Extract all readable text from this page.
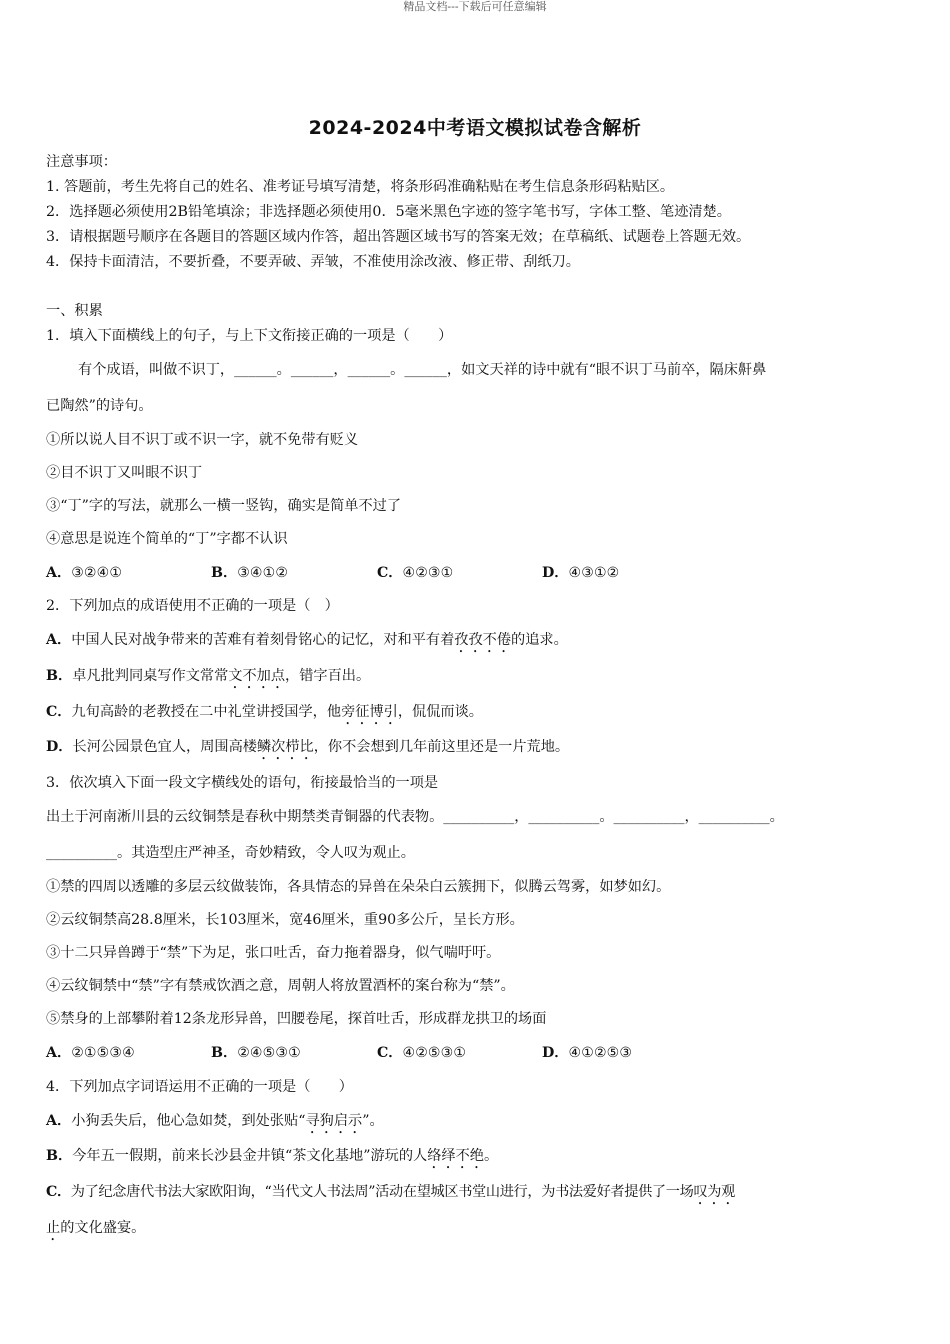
精品文档---下载后可任意编辑
2024-2024中考语文模拟试卷含解析
注意事项：
1. 答题前，考生先将自己的姓名、准考证号填写清楚，将条形码准确粘贴在考生信息条形码粘贴区。
2．选择题必须使用2B铅笔填涂；非选择题必须使用0．5毫米黑色字迹的签字笔书写，字体工整、笔迹清楚。
3．请根据题号顺序在各题目的答题区域内作答，超出答题区域书写的答案无效；在草稿纸、试题卷上答题无效。
4．保持卡面清洁，不要折叠，不要弄破、弄皱，不准使用涂改液、修正带、刮纸刀。
一、积累
1．填入下面横线上的句子，与上下文衔接正确的一项是（　　）
有个成语，叫做不识丁，______。______，______。______，如文天祥的诗中就有“眼不识丁马前卒，隔床鼾鼻
已陶然”的诗句。
①所以说人目不识丁或不识一字，就不免带有贬义
②目不识丁又叫眼不识丁
③“丁”字的写法，就那么一横一竖钩，确实是简单不过了
④意思是说连个简单的“丁”字都不认识
A．③②④①	B．③④①②	C．④②③①	D．④③①②
2．下列加点的成语使用不正确的一项是（　）
A．中国人民对战争带来的苦难有着刻骨铭心的记忆，对和平有着孜孜不倦的追求。
B．卓凡批判同桌写作文常常文不加点，错字百出。
C．九旬高龄的老教授在二中礼堂讲授国学，他旁征博引，侃侃而谈。
D．长河公园景色宜人，周围高楼鳞次栉比，你不会想到几年前这里还是一片荒地。
3．依次填入下面一段文字横线处的语句，衔接最恰当的一项是
出土于河南淅川县的云纹铜禁是春秋中期禁类青铜器的代表物。__________，__________。__________，__________。
__________。其造型庄严神圣，奇妙精致，令人叹为观止。
①禁的四周以透雕的多层云纹做装饰，各具情态的异兽在朵朵白云簇拥下，似腾云驾雾，如梦如幻。
②云纹铜禁高28.8厘米，长103厘米，宽46厘米，重90多公斤，呈长方形。
③十二只异兽蹲于“禁”下为足，张口吐舌，奋力拖着器身，似气喘吁吁。
④云纹铜禁中“禁”字有禁戒饮酒之意，周朝人将放置酒杯的案台称为“禁”。
⑤禁身的上部攀附着12条龙形异兽，凹腰卷尾，探首吐舌，形成群龙拱卫的场面
A．②①⑤③④	B．②④⑤③①	C．④②⑤③①	D．④①②⑤③
4．下列加点字词语运用不正确的一项是（　　）
A．小狗丢失后，他心急如焚，到处张贴“寻狗启示”。
B．今年五一假期，前来长沙县金井镇“茶文化基地”游玩的人络绎不绝。
C．为了纪念唐代书法大家欧阳询，“当代文人书法周”活动在望城区书堂山进行，为书法爱好者提供了一场叹为观
止的文化盛宴。
